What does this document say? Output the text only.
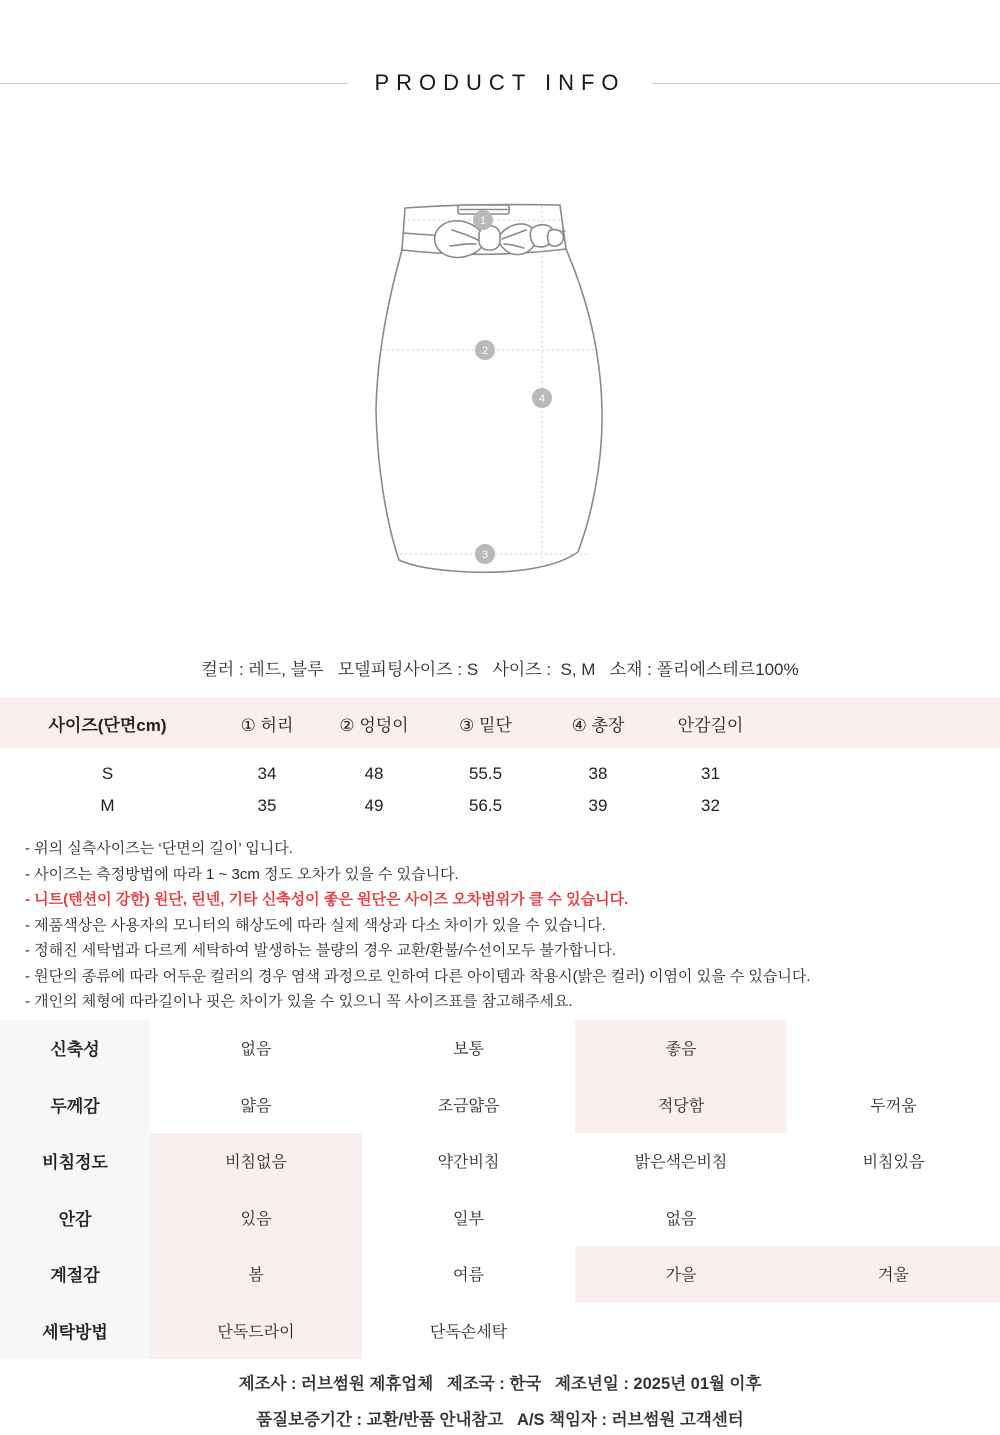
PRODUCT INFO
1
2
4
3
컬러 : 레드, 블루   모델피팅사이즈 : S   사이즈 :  S, M   소재 : 폴리에스테르100%
사이즈(단면cm)	① 허리	② 엉덩이	③ 밑단	④ 총장	안감길이
S	34	48	55.5	38	31
M	35	49	56.5	39	32
- 위의 실측사이즈는 ‘단면의 길이’ 입니다.
- 사이즈는 측정방법에 따라 1 ~ 3cm 정도 오차가 있을 수 있습니다.
- 니트(텐션이 강한) 원단, 린넨, 기타 신축성이 좋은 원단은 사이즈 오차범위가 클 수 있습니다.
- 제품색상은 사용자의 모니터의 해상도에 따라 실제 색상과 다소 차이가 있을 수 있습니다.
- 정해진 세탁법과 다르게 세탁하여 발생하는 블량의 경우 교환/환불/수선이모두 불가합니다.
- 원단의 종류에 따라 어두운 컬러의 경우 염색 과정으로 인하여 다른 아이템과 착용시(밝은 컬러) 이염이 있을 수 있습니다.
- 개인의 체형에 따라길이나 핏은 차이가 있을 수 있으니 꼭 사이즈표를 참고해주세요.
신축성	없음	보통	좋음
두께감	얇음	조금얇음	적당함	두꺼움
비침정도	비침없음	약간비침	밝은색은비침	비침있음
안감	있음	일부	없음
계절감	봄	여름	가을	겨울
세탁방법	단독드라이	단독손세탁
제조사 : 러브썸원 제휴업체   제조국 : 한국   제조년일 : 2025년 01월 이후
품질보증기간 : 교환/반품 안내참고   A/S 책임자 : 러브썸원 고객센터
